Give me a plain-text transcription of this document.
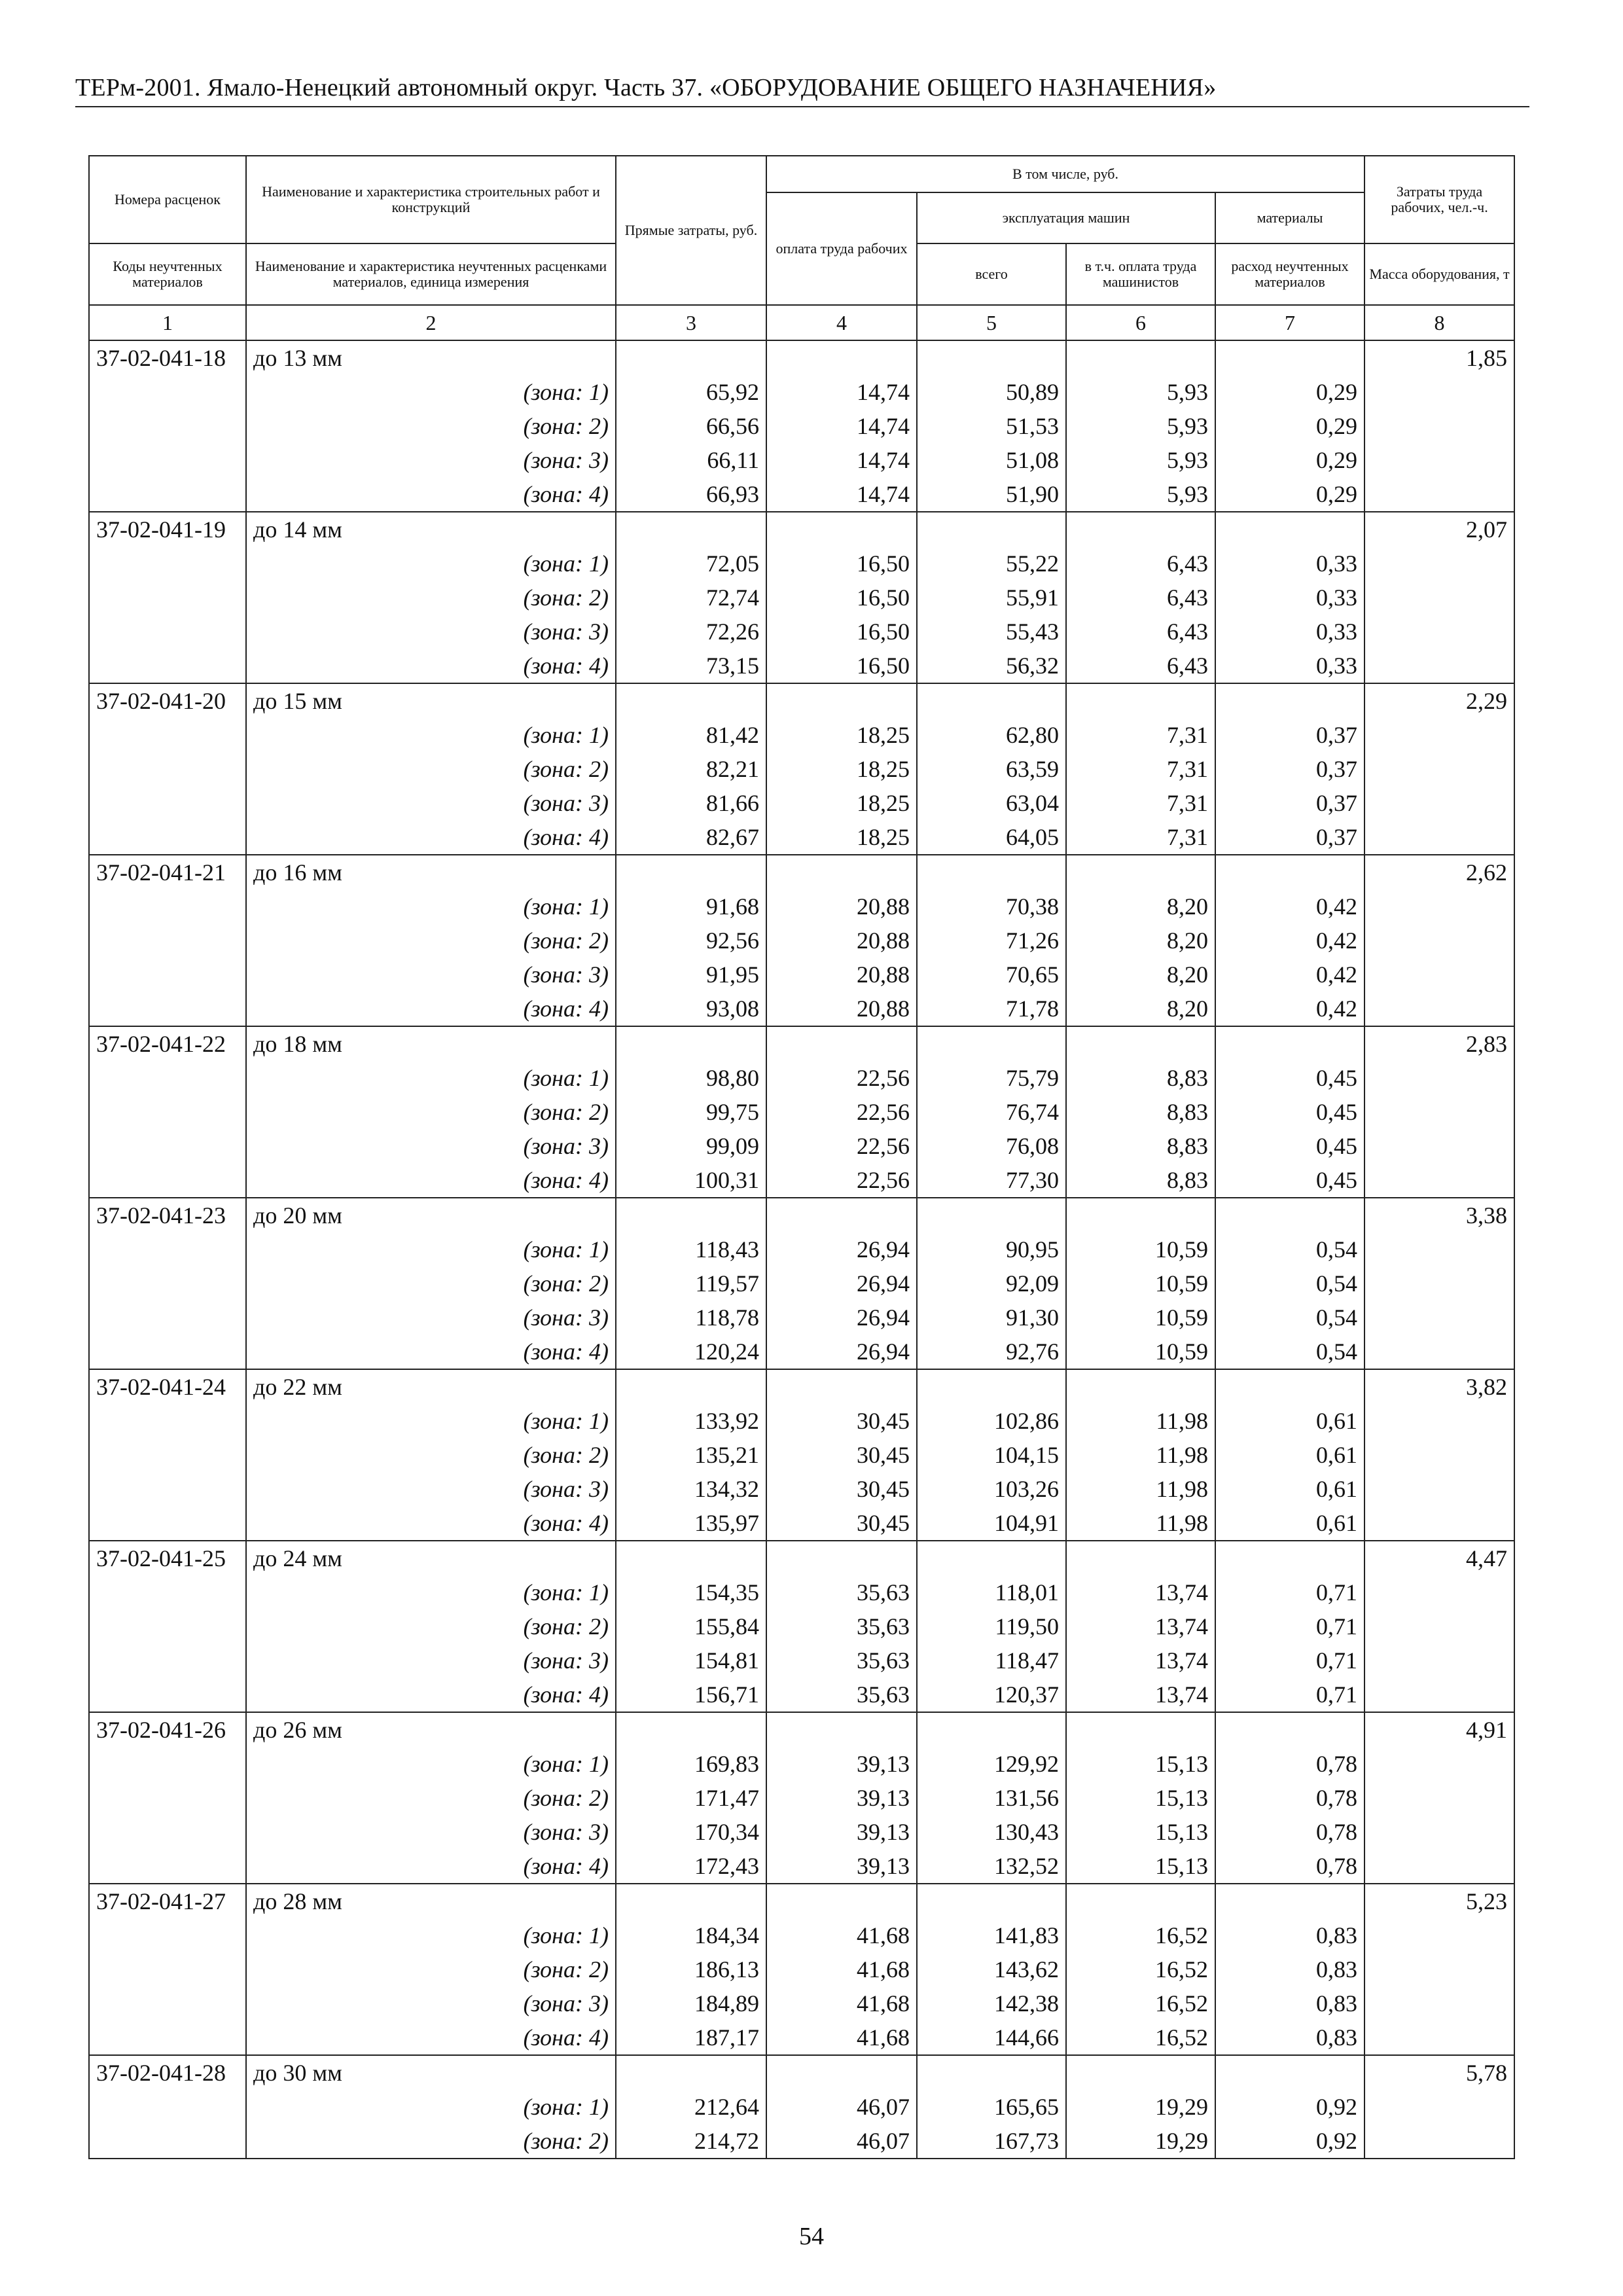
ТЕРм-2001. Ямало-Ненецкий автономный округ. Часть 37. «ОБОРУДОВАНИЕ ОБЩЕГО НАЗНАЧЕНИЯ»
Номера расценок	Наименование и характеристика строительных работ и конструкций	Прямые затраты, руб.	В том числе, руб.				Затраты труда рабочих, чел.-ч.
			оплата труда рабочих	эксплуатация машин		материалы	
Коды неучтенных материалов	Наименование и характеристика неучтенных расценками материалов, единица измерения			всего	в т.ч. оплата труда машинистов	расход неучтенных материалов	Масса оборудования, т
1	2	3	4	5	6	7	8
37-02-041-18	до 13 мм						1,85
	(зона: 1)	65,92	14,74	50,89	5,93	0,29	
	(зона: 2)	66,56	14,74	51,53	5,93	0,29	
	(зона: 3)	66,11	14,74	51,08	5,93	0,29	
	(зона: 4)	66,93	14,74	51,90	5,93	0,29	
37-02-041-19	до 14 мм						2,07
	(зона: 1)	72,05	16,50	55,22	6,43	0,33	
	(зона: 2)	72,74	16,50	55,91	6,43	0,33	
	(зона: 3)	72,26	16,50	55,43	6,43	0,33	
	(зона: 4)	73,15	16,50	56,32	6,43	0,33	
37-02-041-20	до 15 мм						2,29
	(зона: 1)	81,42	18,25	62,80	7,31	0,37	
	(зона: 2)	82,21	18,25	63,59	7,31	0,37	
	(зона: 3)	81,66	18,25	63,04	7,31	0,37	
	(зона: 4)	82,67	18,25	64,05	7,31	0,37	
37-02-041-21	до 16 мм						2,62
	(зона: 1)	91,68	20,88	70,38	8,20	0,42	
	(зона: 2)	92,56	20,88	71,26	8,20	0,42	
	(зона: 3)	91,95	20,88	70,65	8,20	0,42	
	(зона: 4)	93,08	20,88	71,78	8,20	0,42	
37-02-041-22	до 18 мм						2,83
	(зона: 1)	98,80	22,56	75,79	8,83	0,45	
	(зона: 2)	99,75	22,56	76,74	8,83	0,45	
	(зона: 3)	99,09	22,56	76,08	8,83	0,45	
	(зона: 4)	100,31	22,56	77,30	8,83	0,45	
37-02-041-23	до 20 мм						3,38
	(зона: 1)	118,43	26,94	90,95	10,59	0,54	
	(зона: 2)	119,57	26,94	92,09	10,59	0,54	
	(зона: 3)	118,78	26,94	91,30	10,59	0,54	
	(зона: 4)	120,24	26,94	92,76	10,59	0,54	
37-02-041-24	до 22 мм						3,82
	(зона: 1)	133,92	30,45	102,86	11,98	0,61	
	(зона: 2)	135,21	30,45	104,15	11,98	0,61	
	(зона: 3)	134,32	30,45	103,26	11,98	0,61	
	(зона: 4)	135,97	30,45	104,91	11,98	0,61	
37-02-041-25	до 24 мм						4,47
	(зона: 1)	154,35	35,63	118,01	13,74	0,71	
	(зона: 2)	155,84	35,63	119,50	13,74	0,71	
	(зона: 3)	154,81	35,63	118,47	13,74	0,71	
	(зона: 4)	156,71	35,63	120,37	13,74	0,71	
37-02-041-26	до 26 мм						4,91
	(зона: 1)	169,83	39,13	129,92	15,13	0,78	
	(зона: 2)	171,47	39,13	131,56	15,13	0,78	
	(зона: 3)	170,34	39,13	130,43	15,13	0,78	
	(зона: 4)	172,43	39,13	132,52	15,13	0,78	
37-02-041-27	до 28 мм						5,23
	(зона: 1)	184,34	41,68	141,83	16,52	0,83	
	(зона: 2)	186,13	41,68	143,62	16,52	0,83	
	(зона: 3)	184,89	41,68	142,38	16,52	0,83	
	(зона: 4)	187,17	41,68	144,66	16,52	0,83	
37-02-041-28	до 30 мм						5,78
	(зона: 1)	212,64	46,07	165,65	19,29	0,92	
	(зона: 2)	214,72	46,07	167,73	19,29	0,92	
54
